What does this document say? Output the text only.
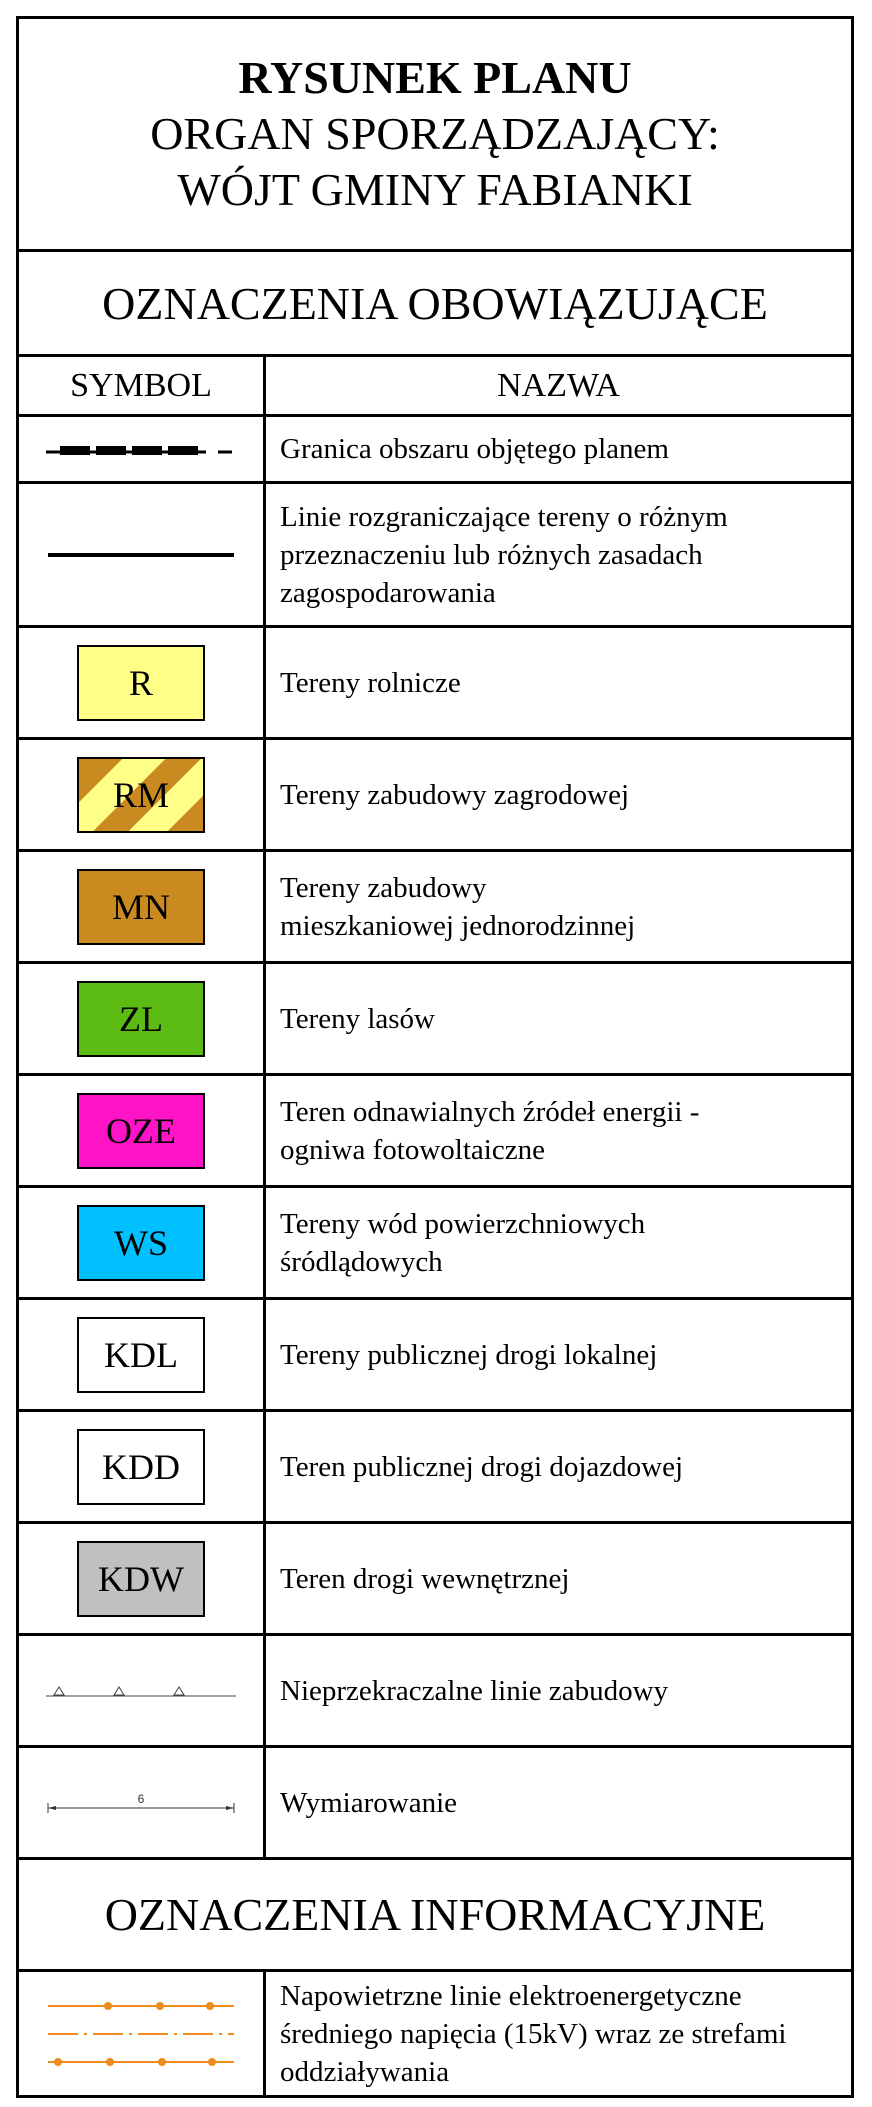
RYSUNEK PLANU
ORGAN SPORZĄDZAJĄCY:
WÓJT GMINY FABIANKI
OZNACZENIA OBOWIĄZUJĄCE
SYMBOL	NAZWA
Granica obszaru objętego planem
Linie rozgraniczające tereny o różnym
przeznaczeniu lub różnych zasadach
zagospodarowania
R	Tereny rolnicze
RM	Tereny zabudowy zagrodowej
MN	Tereny zabudowy
mieszkaniowej jednorodzinnej
ZL	Tereny lasów
OZE	Teren odnawialnych źródeł energii -
ogniwa fotowoltaiczne
WS	Tereny wód powierzchniowych
śródlądowych
KDL	Tereny publicznej drogi lokalnej
KDD	Teren publicznej drogi dojazdowej
KDW	Teren drogi wewnętrznej
Nieprzekraczalne linie zabudowy
6	Wymiarowanie
OZNACZENIA INFORMACYJNE
Napowietrzne linie elektroenergetyczne
średniego napięcia (15kV) wraz ze strefami
oddziaływania
